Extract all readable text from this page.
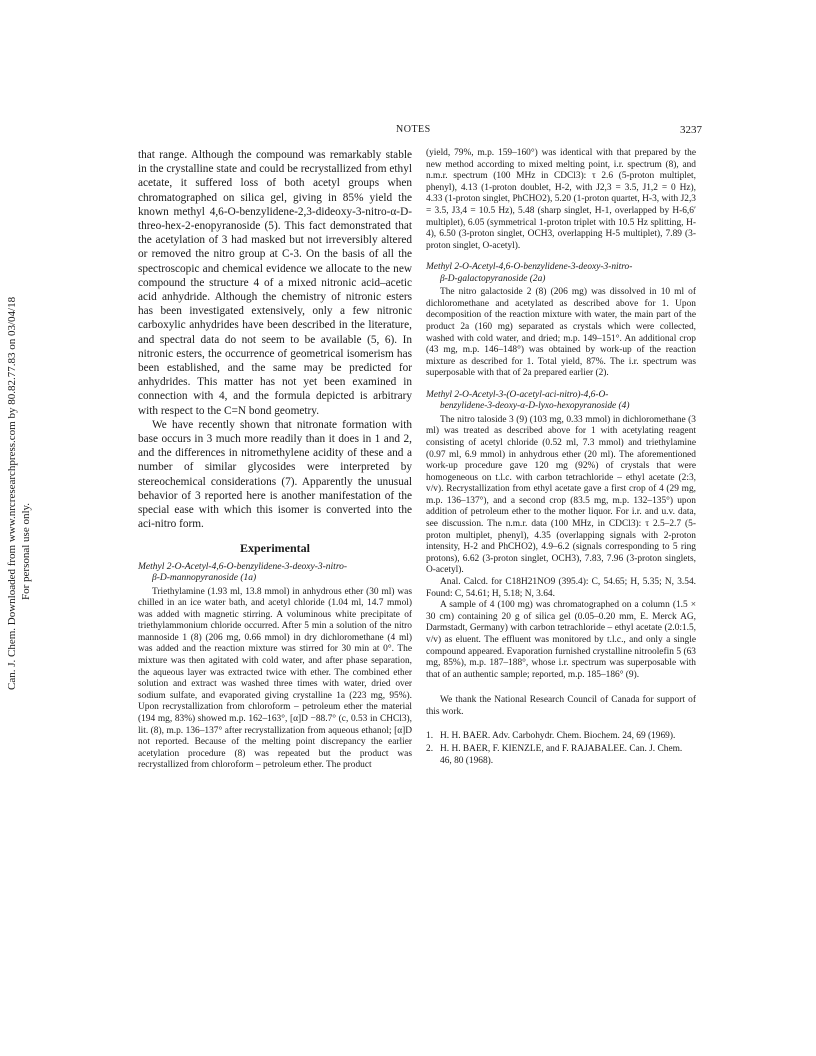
NOTES	3237
Can. J. Chem. Downloaded from www.nrcresearchpress.com by 80.82.77.83 on 03/04/18 For personal use only.

that range. Although the compound was remarkably stable in the crystalline state and could be recrystallized from ethyl acetate, it suffered loss of both acetyl groups when chromatographed on silica gel, giving in 85% yield the known methyl 4,6-O-benzylidene-2,3-dideoxy-3-nitro-α-D-threo-hex-2-enopyranoside (5). This fact demonstrated that the acetylation of 3 had masked but not irreversibly altered or removed the nitro group at C-3. On the basis of all the spectroscopic and chemical evidence we allocate to the new compound the structure 4 of a mixed nitronic acid–acetic acid anhydride. Although the chemistry of nitronic esters has been investigated extensively, only a few nitronic carboxylic anhydrides have been described in the literature, and spectral data do not seem to be available (5, 6). In nitronic esters, the occurrence of geometrical isomerism has been established, and the same may be predicted for anhydrides. This matter has not yet been examined in connection with 4, and the formula depicted is arbitrary with respect to the C=N bond geometry.

We have recently shown that nitronate formation with base occurs in 3 much more readily than it does in 1 and 2, and the differences in nitromethylene acidity of these and a number of similar glycosides were interpreted by stereochemical considerations (7). Apparently the unusual behavior of 3 reported here is another manifestation of the special ease with which this isomer is converted into the aci-nitro form.

Experimental
Methyl 2-O-Acetyl-4,6-O-benzylidene-3-deoxy-3-nitro-
β-D-mannopyranoside (1a)

Triethylamine (1.93 ml, 13.8 mmol) in anhydrous ether (30 ml) was chilled in an ice water bath, and acetyl chloride (1.04 ml, 14.7 mmol) was added with magnetic stirring. A voluminous white precipitate of triethylammonium chloride occurred. After 5 min a solution of the nitro mannoside 1 (8) (206 mg, 0.66 mmol) in dry dichloromethane (4 ml) was added and the reaction mixture was stirred for 30 min at 0°. The mixture was then agitated with cold water, and after phase separation, the aqueous layer was extracted twice with ether. The combined ether solution and extract was washed three times with water, dried over sodium sulfate, and evaporated giving crystalline 1a (223 mg, 95%). Upon recrystallization from chloroform – petroleum ether the material (194 mg, 83%) showed m.p. 162–163°, [α]D −88.7° (c, 0.53 in CHCl3), lit. (8), m.p. 136–137° after recrystallization from aqueous ethanol; [α]D not reported. Because of the melting point discrepancy the earlier acetylation procedure (8) was repeated but the product was recrystallized from chloroform – petroleum ether. The product

(yield, 79%, m.p. 159–160°) was identical with that prepared by the new method according to mixed melting point, i.r. spectrum (8), and n.m.r. spectrum (100 MHz in CDCl3): τ 2.6 (5-proton multiplet, phenyl), 4.13 (1-proton doublet, H-2, with J2,3 = 3.5, J1,2 = 0 Hz), 4.33 (1-proton singlet, PhCHO2), 5.20 (1-proton quartet, H-3, with J2,3 = 3.5, J3,4 = 10.5 Hz), 5.48 (sharp singlet, H-1, overlapped by H-6,6′ multiplet), 6.05 (symmetrical 1-proton triplet with 10.5 Hz splitting, H-4), 6.50 (3-proton singlet, OCH3, overlapping H-5 multiplet), 7.89 (3-proton singlet, O-acetyl).

Methyl 2-O-Acetyl-4,6-O-benzylidene-3-deoxy-3-nitro-
β-D-galactopyranoside (2a)

The nitro galactoside 2 (8) (206 mg) was dissolved in 10 ml of dichloromethane and acetylated as described above for 1. Upon decomposition of the reaction mixture with water, the main part of the product 2a (160 mg) separated as crystals which were collected, washed with cold water, and dried; m.p. 149–151°. An additional crop (43 mg, m.p. 146–148°) was obtained by work-up of the reaction mixture as described for 1. Total yield, 87%. The i.r. spectrum was superposable with that of 2a prepared earlier (2).

Methyl 2-O-Acetyl-3-(O-acetyl-aci-nitro)-4,6-O-
benzylidene-3-deoxy-α-D-lyxo-hexopyranoside (4)

The nitro taloside 3 (9) (103 mg, 0.33 mmol) in dichloromethane (3 ml) was treated as described above for 1 with acetylating reagent consisting of acetyl chloride (0.52 ml, 7.3 mmol) and triethylamine (0.97 ml, 6.9 mmol) in anhydrous ether (20 ml). The aforementioned work-up procedure gave 120 mg (92%) of crystals that were homogeneous on t.l.c. with carbon tetrachloride – ethyl acetate (2:3, v/v). Recrystallization from ethyl acetate gave a first crop of 4 (29 mg, m.p. 136–137°), and a second crop (83.5 mg, m.p. 132–135°) upon addition of petroleum ether to the mother liquor. For i.r. and u.v. data, see discussion. The n.m.r. data (100 MHz, in CDCl3): τ 2.5–2.7 (5-proton multiplet, phenyl), 4.35 (overlapping signals with 2-proton intensity, H-2 and PhCHO2), 4.9–6.2 (signals corresponding to 5 ring protons), 6.62 (3-proton singlet, OCH3), 7.83, 7.96 (3-proton singlets, O-acetyl).

Anal. Calcd. for C18H21NO9 (395.4): C, 54.65; H, 5.35; N, 3.54. Found: C, 54.61; H, 5.18; N, 3.64.

A sample of 4 (100 mg) was chromatographed on a column (1.5 × 30 cm) containing 20 g of silica gel (0.05–0.20 mm, E. Merck AG, Darmstadt, Germany) with carbon tetrachloride – ethyl acetate (2.0:1.5, v/v) as eluent. The effluent was monitored by t.l.c., and only a single compound appeared. Evaporation furnished crystalline nitroolefin 5 (63 mg, 85%), m.p. 187–188°, whose i.r. spectrum was superposable with that of an authentic sample; reported, m.p. 185–186° (9).

We thank the National Research Council of Canada for support of this work.

1. H. H. BAER. Adv. Carbohydr. Chem. Biochem. 24, 69 (1969).
2. H. H. BAER, F. KIENZLE, and F. RAJABALEE. Can. J. Chem. 46, 80 (1968).
